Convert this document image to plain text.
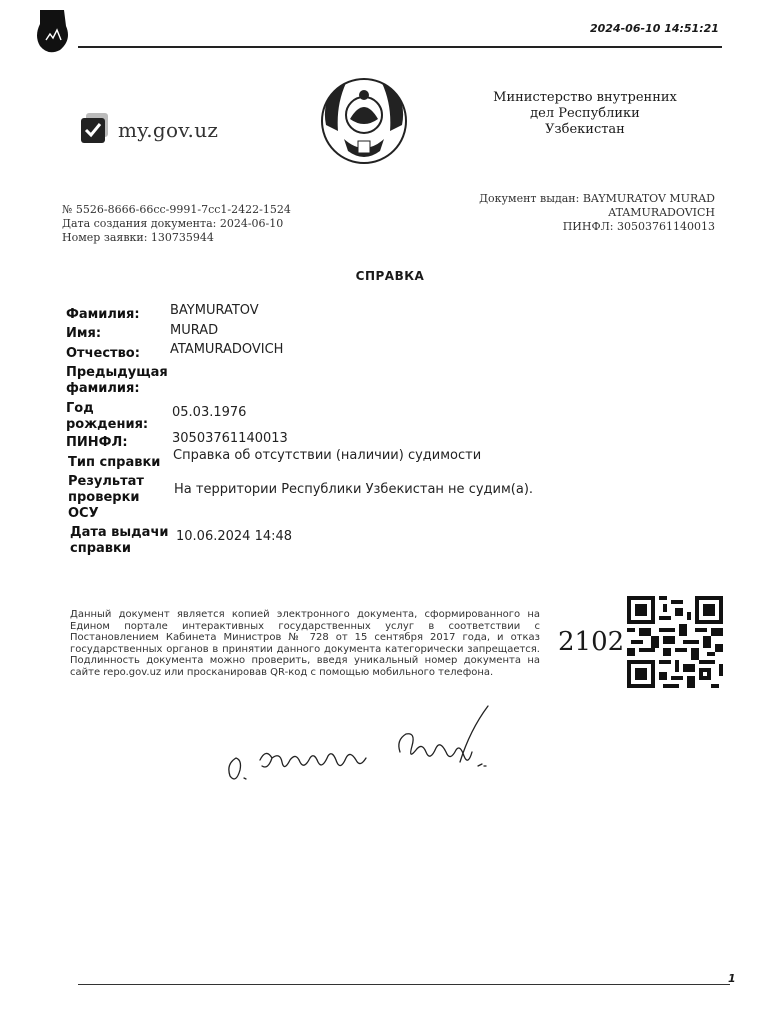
2024-06-10 14:51:21
my.gov.uz
Министерство внутренних
дел Республики
Узбекистан
№ 5526-8666-66cc-9991-7cc1-2422-1524
Дата создания документа: 2024-06-10
Номер заявки: 130735944
Документ выдан: BAYMURATOV MURAD
ATAMURADOVICH
ПИНФЛ: 30503761140013
СПРАВКА
Фамилия: BAYMURATOV
Имя:	MURAD
Отчество: ATAMURADOVICH
Предыдущая
фамилия:
Год
рождения:
05.03.1976
ПИНФЛ:	30503761140013
Тип справки Справка об отсутствии (наличии) судимости
Результат
проверки
ОСУ
На территории Республики Узбекистан не судим(а).
Дата выдачи
справки
10.06.2024 14:48
Данный документ является копией электронного документа, сформированного на Едином портале интерактивных государственных услуг в соответствии с Постановлением Кабинета Министров № 728 от 15 сентября 2017 года, и отказ государственных органов в принятии данного документа категорически запрещается. Подлинность документа можно проверить, введя уникальный номер документа на сайте repo.gov.uz или просканировав QR-код с помощью мобильного телефона.
2102
1
